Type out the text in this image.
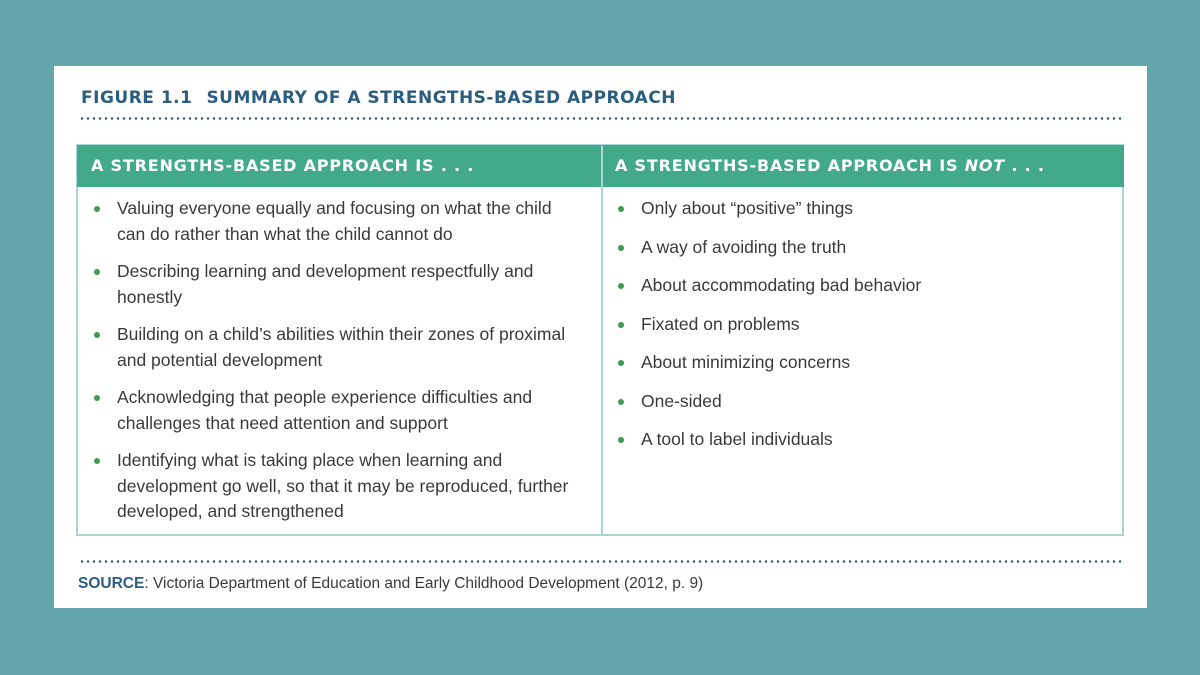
FIGURE 1.1 SUMMARY OF A STRENGTHS-BASED APPROACH
A STRENGTHS-BASED APPROACH IS . . .	A STRENGTHS-BASED APPROACH IS NOT . . .
Valuing everyone equally and focusing on what the child can do rather than what the child cannot do
Describing learning and development respectfully and honestly
Building on a child’s abilities within their zones of proximal and potential development
Acknowledging that people experience difficulties and challenges that need attention and support
Identifying what is taking place when learning and development go well, so that it may be reproduced, further developed, and strengthened
Only about “positive” things
A way of avoiding the truth
About accommodating bad behavior
Fixated on problems
About minimizing concerns
One-sided
A tool to label individuals

SOURCE: Victoria Department of Education and Early Childhood Development (2012, p. 9)
